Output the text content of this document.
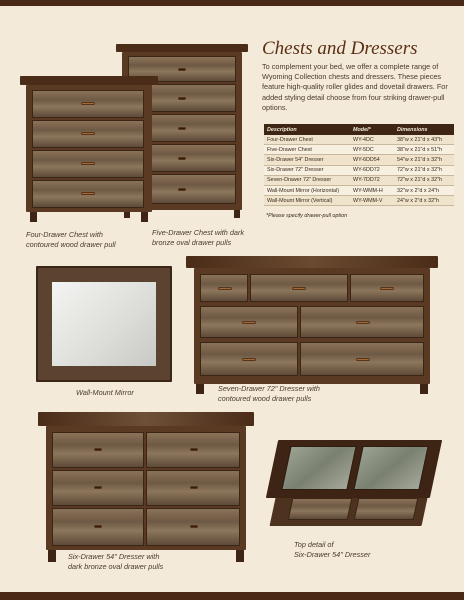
Chests and Dressers
To complement your bed, we offer a complete range of Wyoming Collection chests and dressers. These pieces feature high-quality roller glides and dovetail drawers. For added styling detail choose from four striking drawer-pull options.
Description	Model*	Dimensions
Four-Drawer Chest	WY-4DC	38"w x 21"d x 43"h
Five-Drawer Chest	WY-5DC	38"w x 21"d x 51"h
Six-Drawer 54" Dresser	WY-6DD54	54"w x 21"d x 32"h
Six-Drawer 72" Dresser	WY-6DD72	72"w x 21"d x 32"h
Seven-Drawer 72" Dresser	WY-7DD72	72"w x 21"d x 32"h
Wall-Mount Mirror (Horizontal)	WY-WMM-H	32"w x 2"d x 24"h
Wall-Mount Mirror (Vertical)	WY-WMM-V	24"w x 2"d x 32"h
*Please specify drawer-pull option
Four-Drawer Chest with
contoured wood drawer pull
Five-Drawer Chest with dark
bronze oval drawer pulls
Wall-Mount Mirror	Seven-Drawer 72" Dresser with
contoured wood drawer pulls
Six-Drawer 54" Dresser with
dark bronze oval drawer pulls
Top detail of
Six-Drawer 54" Dresser
